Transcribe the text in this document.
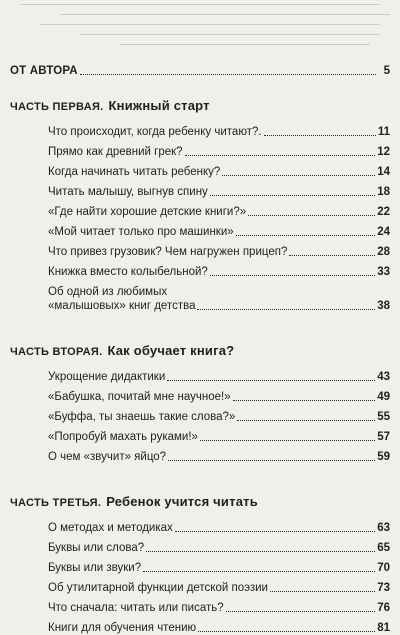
ОТ АВТОРА	5
ЧАСТЬ ПЕРВАЯ. Книжный старт
Что происходит, когда ребенку читают?.	11
Прямо как древний грек?	12
Когда начинать читать ребенку?	14
Читать малышу, выгнув спину	18
«Где найти хорошие детские книги?»	22
«Мой читает только про машинки»	24
Что привез грузовик? Чем нагружен прицеп?	28
Книжка вместо колыбельной?	33
Об одной из любимых
«малышовых» книг детства	38
ЧАСТЬ ВТОРАЯ. Как обучает книга?
Укрощение дидактики	43
«Бабушка, почитай мне научное!»	49
«Буффа, ты знаешь такие слова?»	55
«Попробуй махать руками!»	57
О чем «звучит» яйцо?	59
ЧАСТЬ ТРЕТЬЯ. Ребенок учится читать
О методах и методиках	63
Буквы или слова?	65
Буквы или звуки?	70
Об утилитарной функции детской поэзии	73
Что сначала: читать или писать?	76
Книги для обучения чтению	81
